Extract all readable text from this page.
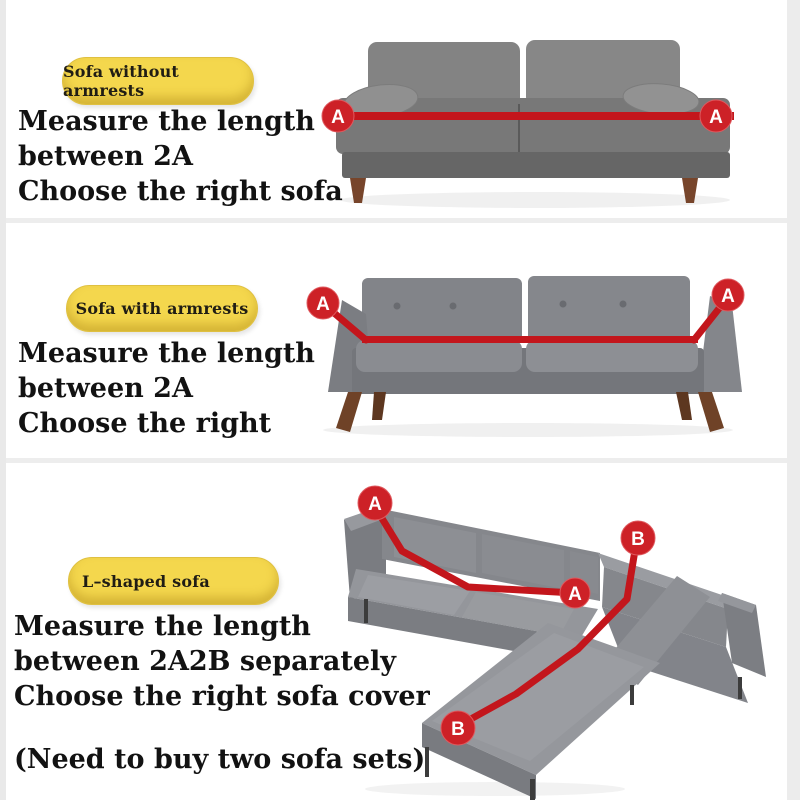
Sofa without armrests
Measure the length
between 2A
Choose the right sofa
A	A
Sofa with armrests
Measure the length
between 2A
Choose the right
A	A
L–shaped sofa
Measure the length
between 2A2B separately
Choose the right sofa cover
(Need to buy two sofa sets)
A
A
B
B
